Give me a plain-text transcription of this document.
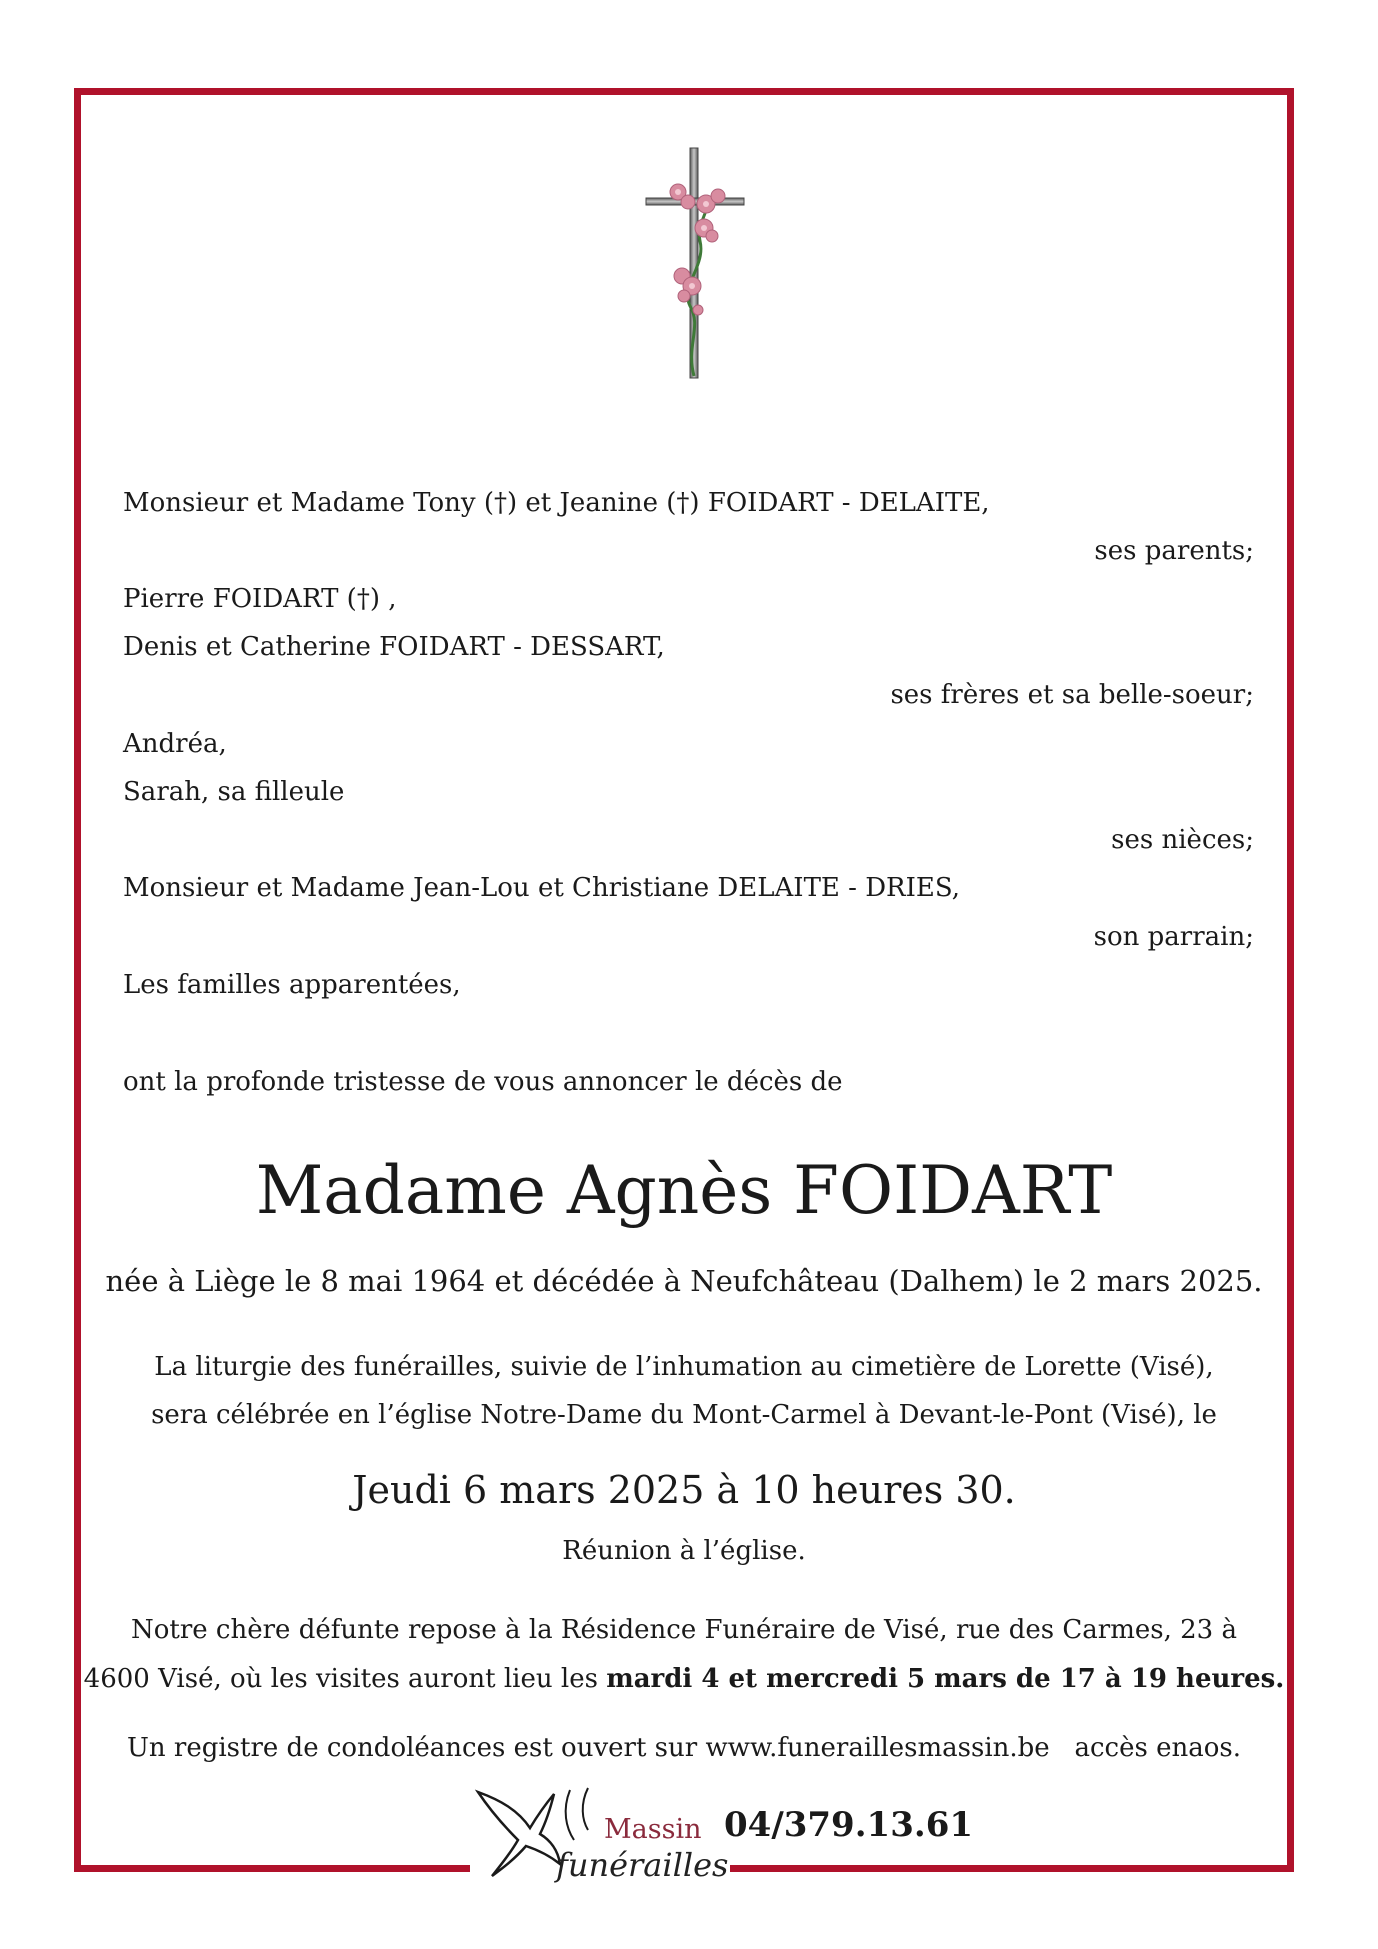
Monsieur et Madame Tony (†) et Jeanine (†) FOIDART - DELAITE,
ses parents;
Pierre FOIDART (†) ,
Denis et Catherine FOIDART - DESSART,
ses frères et sa belle-soeur;
Andréa,
Sarah, sa filleule
ses nièces;
Monsieur et Madame Jean-Lou et Christiane DELAITE - DRIES,
son parrain;
Les familles apparentées,
ont la profonde tristesse de vous annoncer le décès de
Madame Agnès FOIDART
née à Liège le 8 mai 1964 et décédée à Neufchâteau (Dalhem) le 2 mars 2025.
La liturgie des funérailles, suivie de l’inhumation au cimetière de Lorette (Visé),
sera célébrée en l’église Notre-Dame du Mont-Carmel à Devant-le-Pont (Visé), le
Jeudi 6 mars 2025 à 10 heures 30.
Réunion à l’église.
Notre chère défunte repose à la Résidence Funéraire de Visé, rue des Carmes, 23 à
4600 Visé, où les visites auront lieu les mardi 4 et mercredi 5 mars de 17 à 19 heures.
Un registre de condoléances est ouvert sur www.funeraillesmassin.be   accès enaos.
Massin
funérailles
04/379.13.61
